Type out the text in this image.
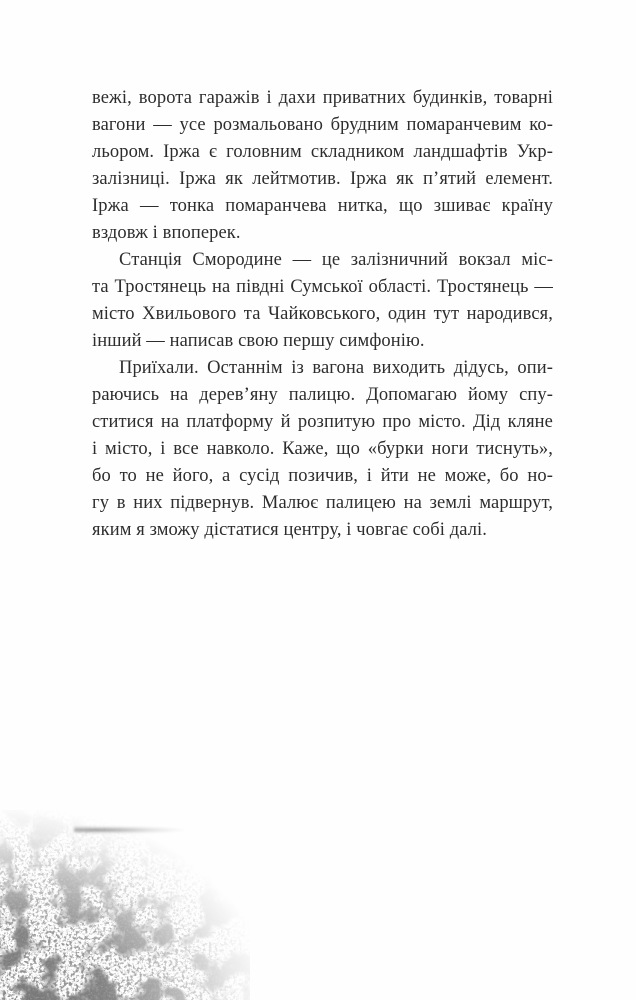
вежі, ворота гаражів і дахи приватних будинків, товарні
вагони — усе розмальовано брудним помаранчевим ко-
льором. Іржа є головним складником ландшафтів Укр-
залізниці. Іржа як лейтмотив. Іржа як п’ятий елемент.
Іржа — тонка помаранчева нитка, що зшиває країну
вздовж і впоперек.
Станція Смородине — це залізничний вокзал міс-
та Тростянець на півдні Сумської області. Тростянець —
місто Хвильового та Чайковського, один тут народився,
інший — написав свою першу симфонію.
Приїхали. Останнім із вагона виходить дідусь, опи-
раючись на дерев’яну палицю. Допомагаю йому спу-
ститися на платформу й розпитую про місто. Дід кляне
і місто, і все навколо. Каже, що «бурки ноги тиснуть»,
бо то не його, а сусід позичив, і йти не може, бо но-
гу в них підвернув. Малює палицею на землі маршрут,
яким я зможу дістатися центру, і човгає собі далі.
